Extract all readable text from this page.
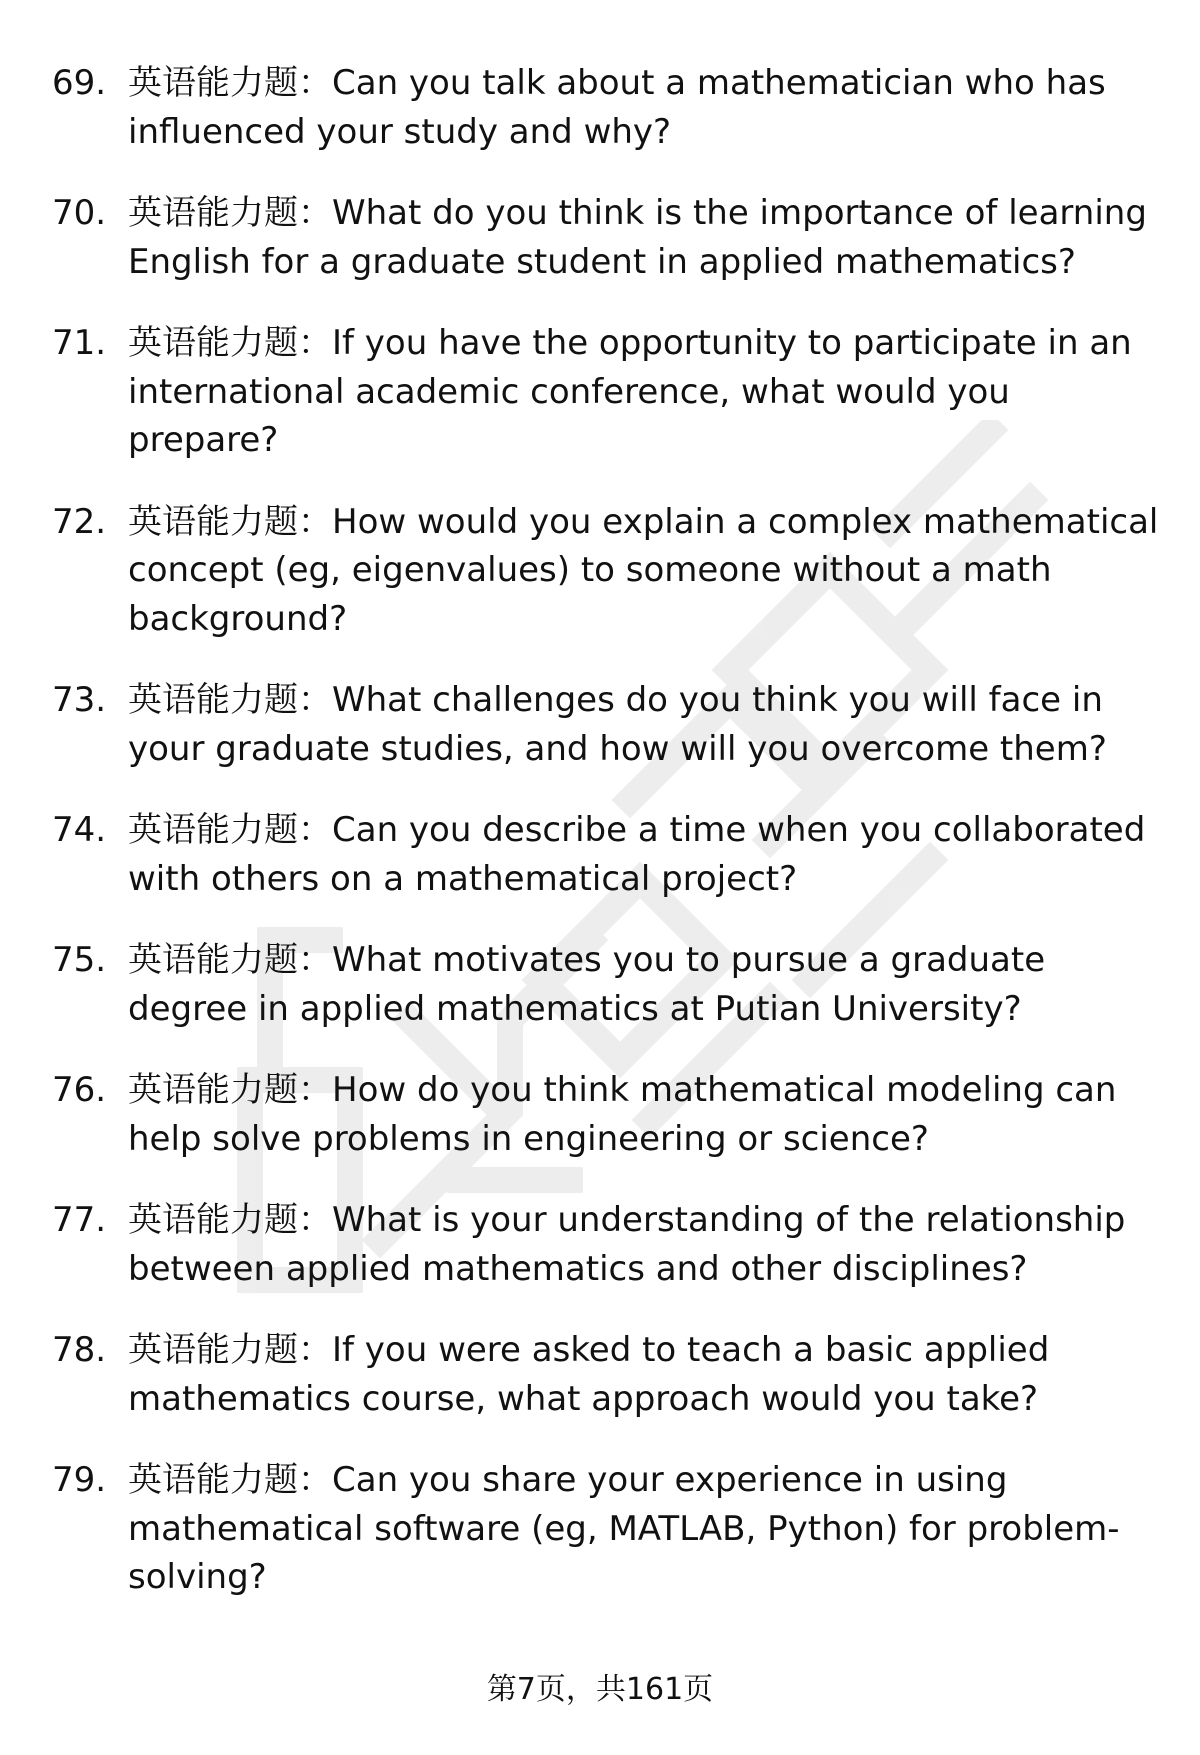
69. 英语能力题：Can you talk about a mathematician who has influenced your study and why?
70. 英语能力题：What do you think is the importance of learning English for a graduate student in applied mathematics?
71. 英语能力题：If you have the opportunity to participate in an international academic conference, what would you prepare?
72. 英语能力题：How would you explain a complex mathematical concept (eg, eigenvalues) to someone without a math background?
73. 英语能力题：What challenges do you think you will face in your graduate studies, and how will you overcome them?
74. 英语能力题：Can you describe a time when you collaborated with others on a mathematical project?
75. 英语能力题：What motivates you to pursue a graduate degree in applied mathematics at Putian University?
76. 英语能力题：How do you think mathematical modeling can help solve problems in engineering or science?
77. 英语能力题：What is your understanding of the relationship between applied mathematics and other disciplines?
78. 英语能力题：If you were asked to teach a basic applied mathematics course, what approach would you take?
79. 英语能力题：Can you share your experience in using mathematical software (eg, MATLAB, Python) for problem-solving?
第7页，共161页
